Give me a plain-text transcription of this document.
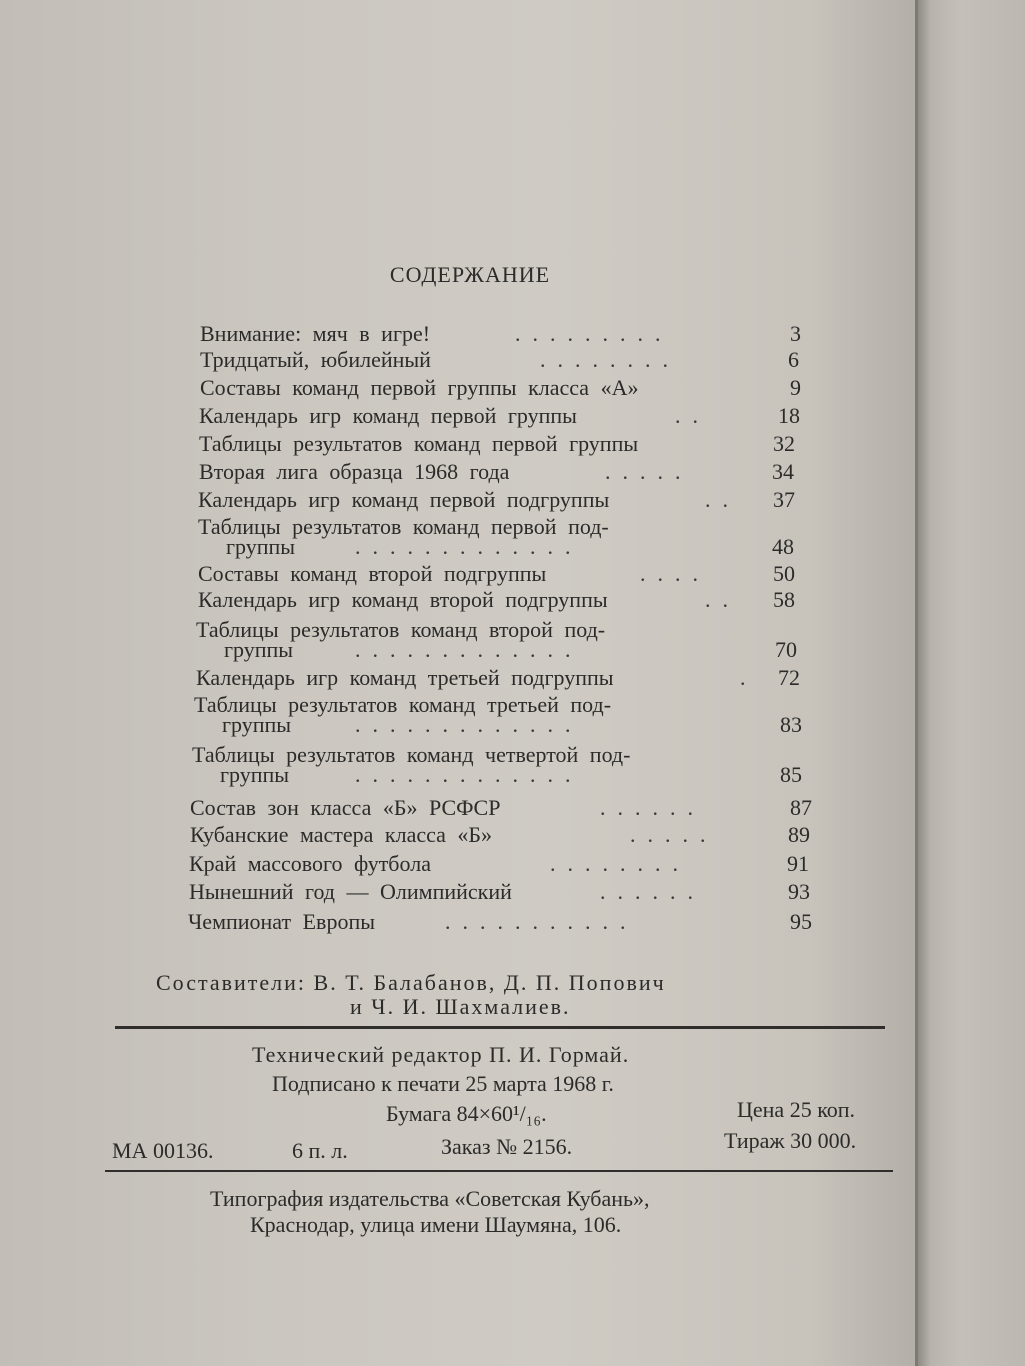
СОДЕРЖАНИЕ
Внимание: мяч в игре!	.........	3
Тридцатый, юбилейный	........	6
Составы команд первой группы класса «А»	9
Календарь игр команд первой группы	..	18
Таблицы результатов команд первой группы	32
Вторая лига образца 1968 года	.....	34
Календарь игр команд первой подгруппы	.. 37
Таблицы результатов команд первой под-
группы	.............	48
Составы команд второй подгруппы	....	50
Календарь игр команд второй подгруппы	.. 58
Таблицы результатов команд второй под-
группы	.............	70
Календарь игр команд третьей подгруппы	. 72
Таблицы результатов команд третьей под-
группы	.............	83
Таблицы результатов команд четвертой под-
группы	.............	85
Состав зон класса «Б» РСФСР	......	87
Кубанские мастера класса «Б»	.....	89
Край массового футбола	........	91
Нынешний год — Олимпийский	......	93
Чемпионат Европы	...........	95
Составители: В. Т. Балабанов, Д. П. Попович
и Ч. И. Шахмалиев.
Технический редактор П. И. Гормай.
Подписано к печати 25 марта 1968 г.
Бумага 84×60¹/₁₆.	Цена 25 коп.
МА 00136.	6 п. л.	Заказ № 2156.	Тираж 30 000.
Типография издательства «Советская Кубань»,
Краснодар, улица имени Шаумяна, 106.
